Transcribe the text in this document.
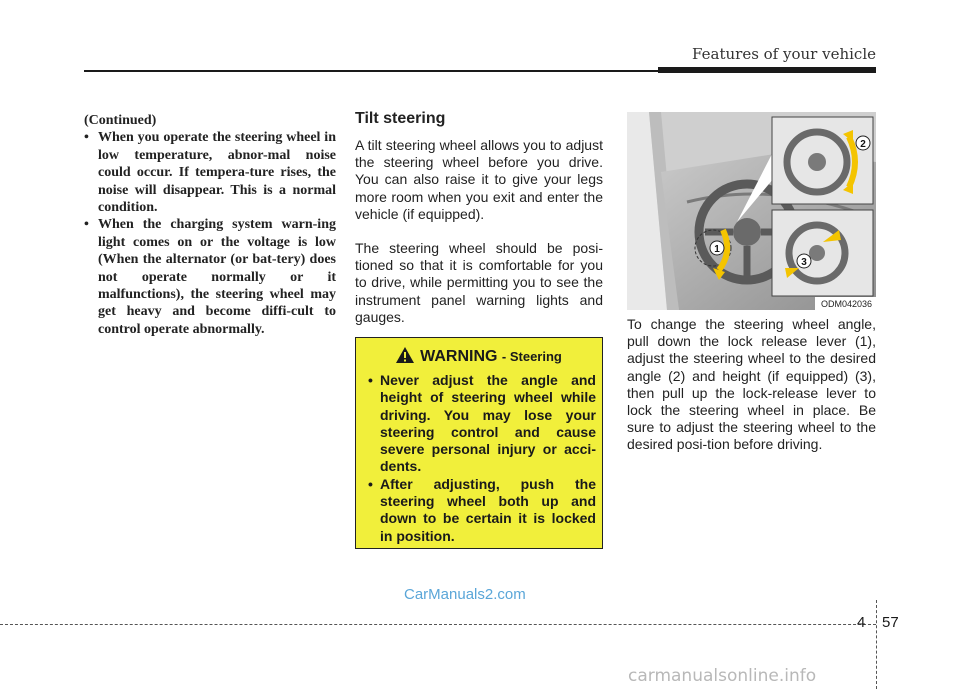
Features of your vehicle
(Continued)
• When you operate the steering wheel in low temperature, abnor-mal noise could occur. If tempera-ture rises, the noise will disappear. This is a normal condition.
• When the charging system warn-ing light comes on or the voltage is low (When the alternator (or bat-tery) does not operate normally or it malfunctions), the steering wheel may get heavy and become diffi-cult to control operate abnormally.
Tilt steering

A tilt steering wheel allows you to adjust the steering wheel before you drive. You can also raise it to give your legs more room when you exit and enter the vehicle (if equipped).

The steering wheel should be posi-tioned so that it is comfortable for you to drive, while permitting you to see the instrument panel warning lights and gauges.

WARNING - Steering
• Never adjust the angle and height of steering wheel while driving. You may lose your steering control and cause severe personal injury or acci-dents.
• After adjusting, push the steering wheel both up and down to be certain it is locked in position.
1
2
3
ODM042036

To change the steering wheel angle, pull down the lock release lever (1), adjust the steering wheel to the desired angle (2) and height (if equipped) (3), then pull up the lock-release lever to lock the steering wheel in place. Be sure to adjust the steering wheel to the desired posi-tion before driving.

CarManuals2.com
4 57
carmanualsonline.info
